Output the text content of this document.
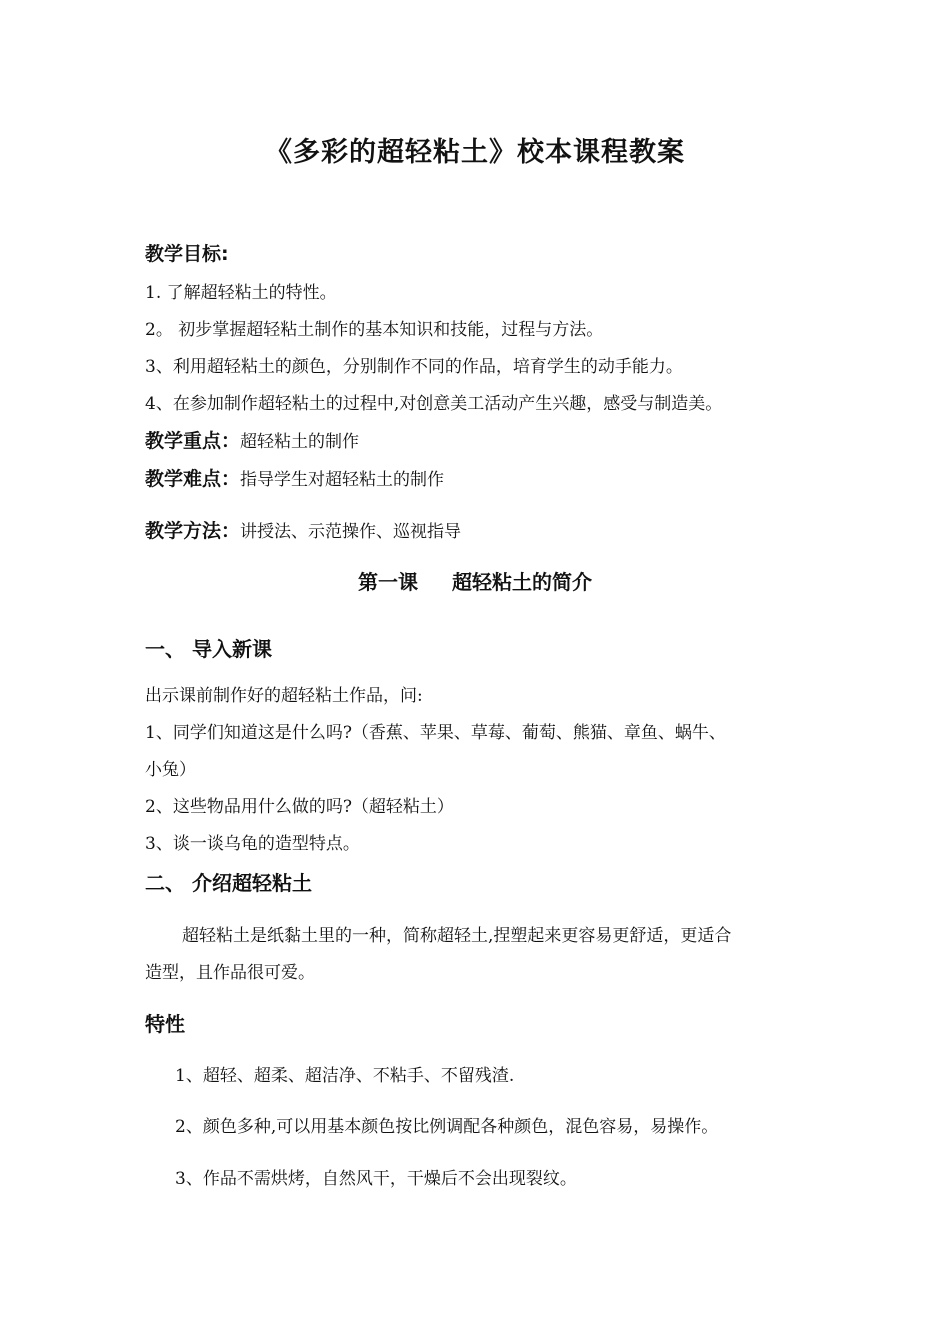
《多彩的超轻粘土》校本课程教案
教学目标:
1. 了解超轻粘土的特性。
2。 初步掌握超轻粘土制作的基本知识和技能，过程与方法。
3、利用超轻粘土的颜色，分别制作不同的作品，培育学生的动手能力。
4、在参加制作超轻粘土的过程中,对创意美工活动产生兴趣，感受与制造美。
教学重点：超轻粘土的制作
教学难点：指导学生对超轻粘土的制作
教学方法：讲授法、示范操作、巡视指导
第一课 超轻粘土的简介
一、 导入新课
出示课前制作好的超轻粘土作品，问:
1、同学们知道这是什么吗?（香蕉、苹果、草莓、葡萄、熊猫、章鱼、蜗牛、
小兔）
2、这些物品用什么做的吗?（超轻粘土）
3、谈一谈乌龟的造型特点。
二、 介绍超轻粘土
超轻粘土是纸黏土里的一种，简称超轻土,捏塑起来更容易更舒适，更适合
造型，且作品很可爱。
特性
1、超轻、超柔、超洁净、不粘手、不留残渣.
2、颜色多种,可以用基本颜色按比例调配各种颜色，混色容易，易操作。
3、作品不需烘烤，自然风干，干燥后不会出现裂纹。
